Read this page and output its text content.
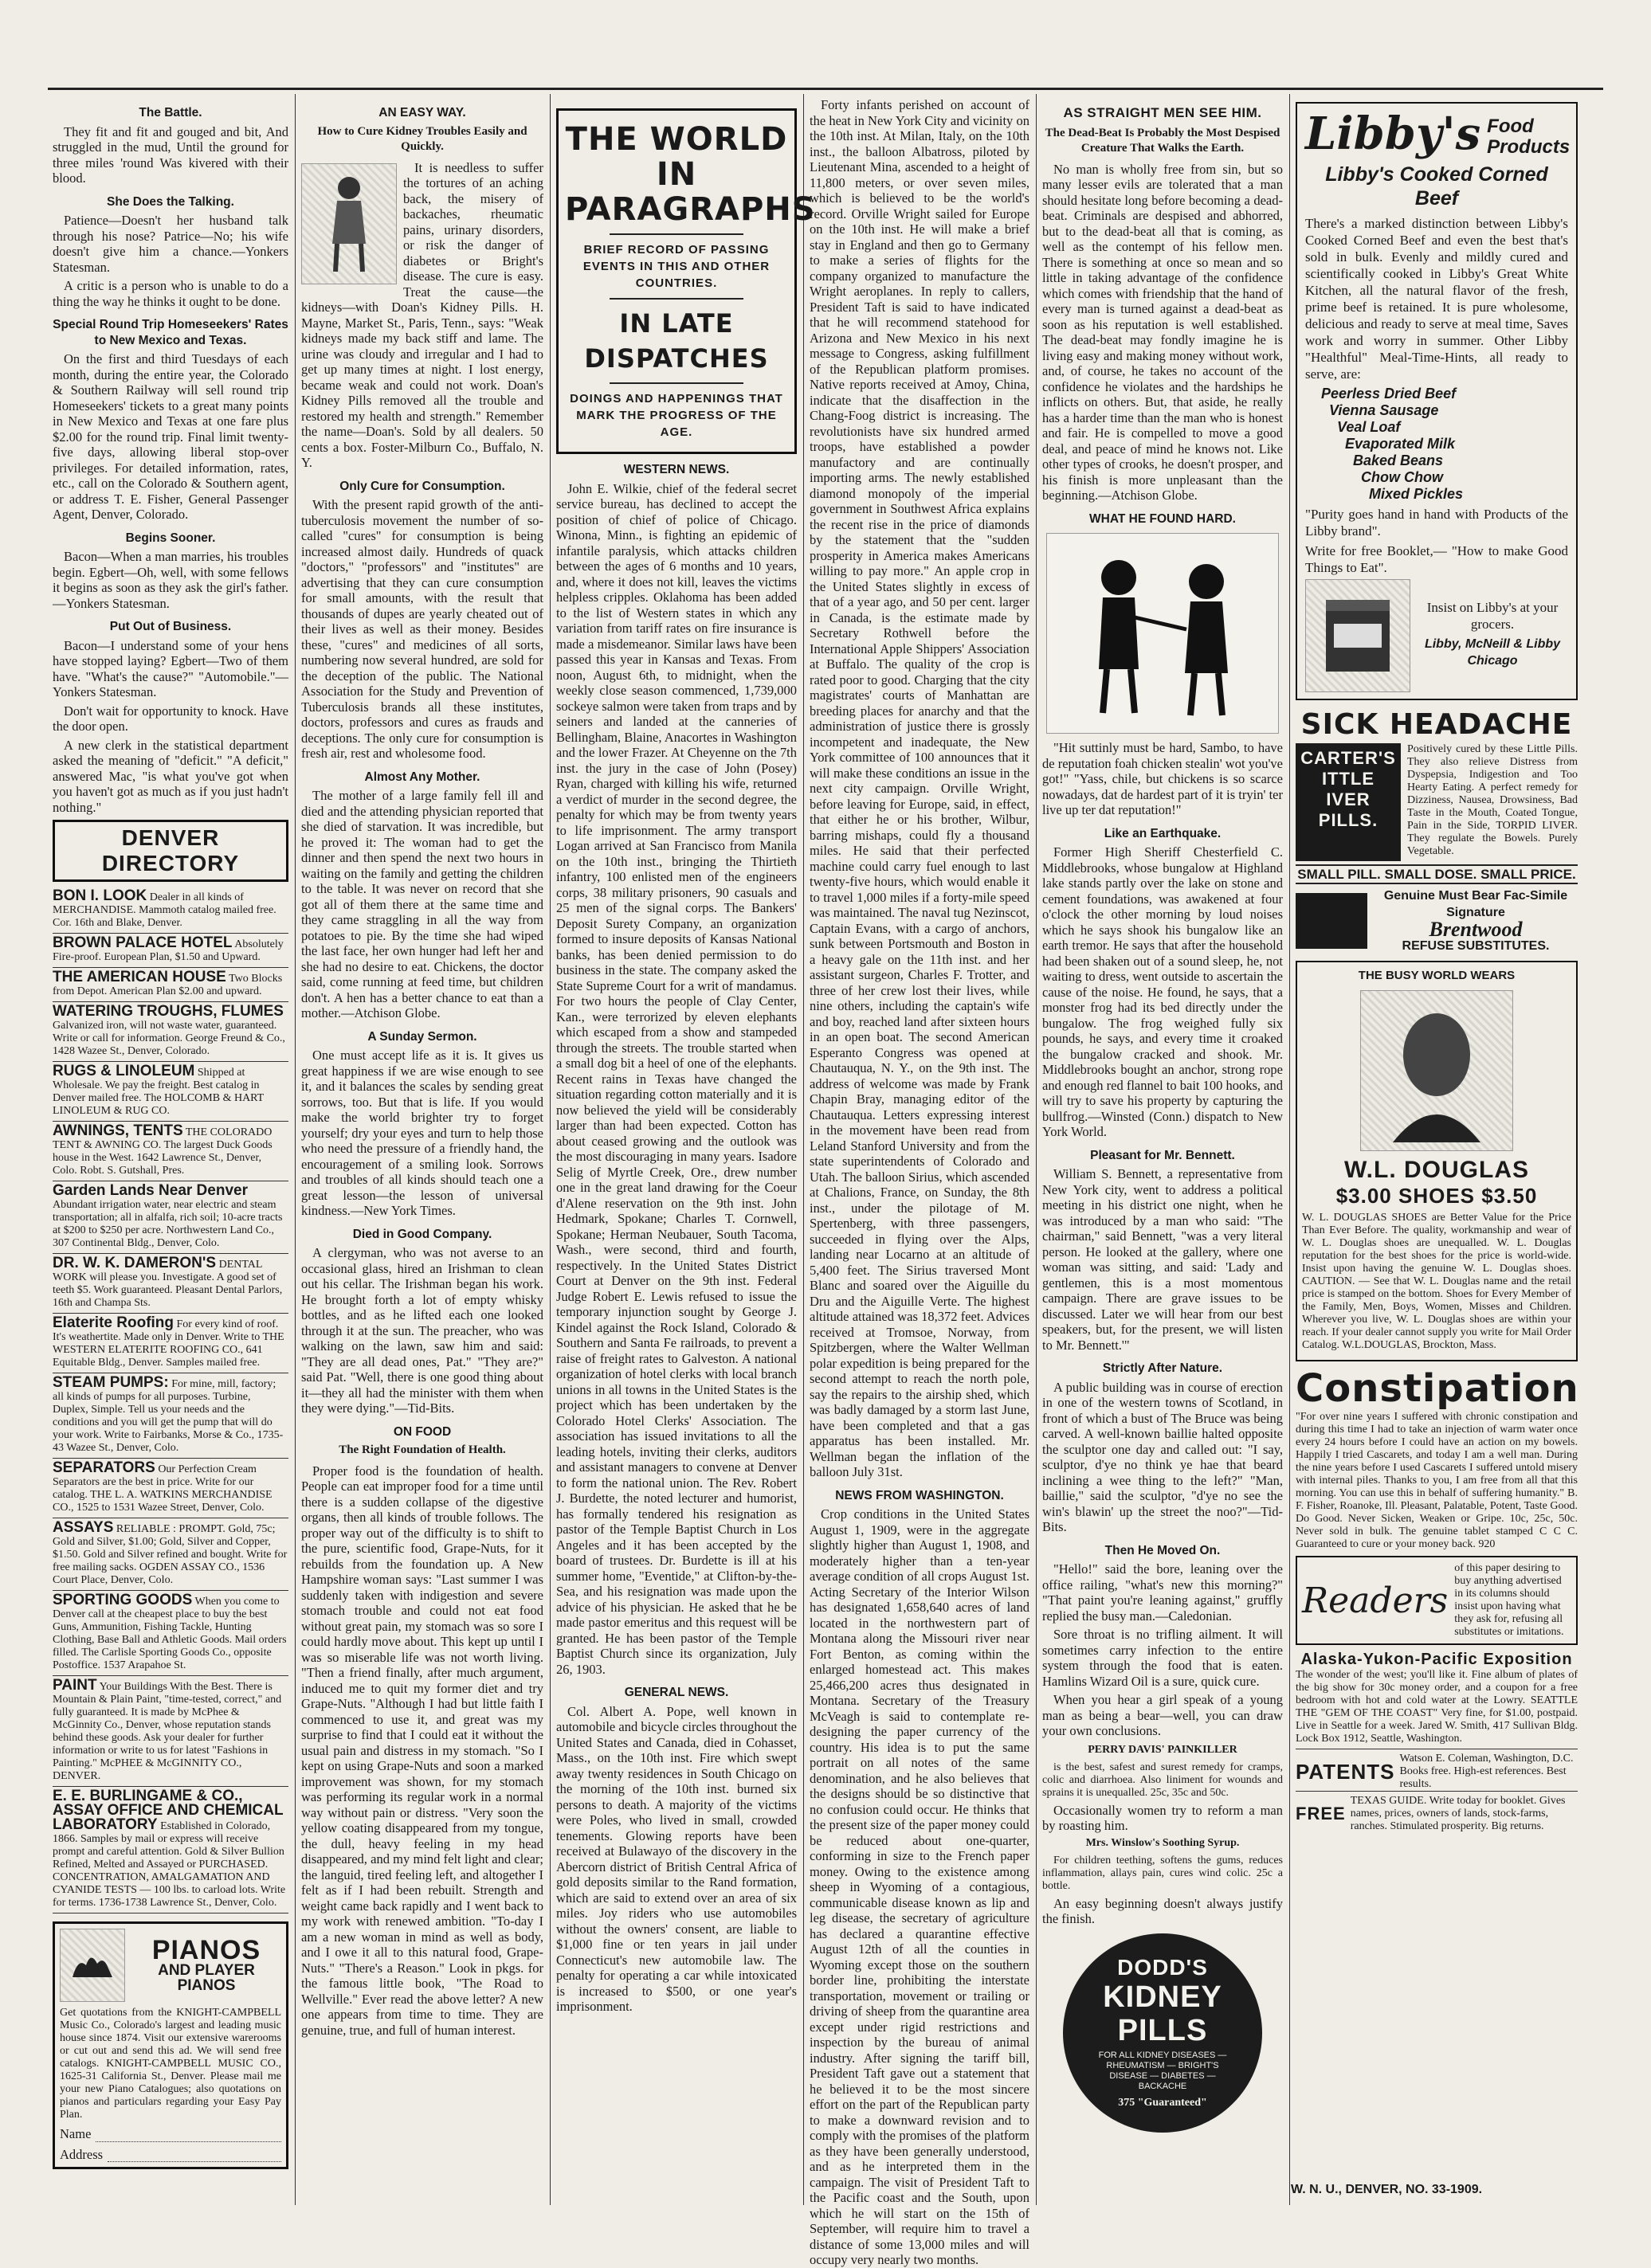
The Battle.

They fit and fit and gouged and bit, And struggled in the mud, Until the ground for three miles 'round Was kivered with their blood.

She Does the Talking.

Patience—Doesn't her husband talk through his nose? Patrice—No; his wife doesn't give him a chance.—Yonkers Statesman.

A critic is a person who is unable to do a thing the way he thinks it ought to be done.

Special Round Trip Homeseekers' Rates to New Mexico and Texas.

On the first and third Tuesdays of each month, during the entire year, the Colorado & Southern Railway will sell round trip Homeseekers' tickets to a great many points in New Mexico and Texas at one fare plus $2.00 for the round trip. Final limit twenty-five days, allowing liberal stop-over privileges. For detailed information, rates, etc., call on the Colorado & Southern agent, or address T. E. Fisher, General Passenger Agent, Denver, Colorado.

Begins Sooner.

Bacon—When a man marries, his troubles begin. Egbert—Oh, well, with some fellows it begins as soon as they ask the girl's father.—Yonkers Statesman.

Put Out of Business.

Bacon—I understand some of your hens have stopped laying? Egbert—Two of them have. "What's the cause?" "Automobile."—Yonkers Statesman.

Don't wait for opportunity to knock. Have the door open.

A new clerk in the statistical department asked the meaning of "deficit." "A deficit," answered Mac, "is what you've got when you haven't got as much as if you just hadn't nothing."

DENVER DIRECTORY
BON I. LOOK Dealer in all kinds of MERCHANDISE. Mammoth catalog mailed free. Cor. 16th and Blake, Denver.
BROWN PALACE HOTEL Absolutely Fire-proof. European Plan, $1.50 and Upward.
THE AMERICAN HOUSE Two Blocks from Depot. American Plan $2.00 and upward.
WATERING TROUGHS, FLUMES Galvanized iron, will not waste water, guaranteed. Write or call for information. George Freund & Co., 1428 Wazee St., Denver, Colorado.
RUGS & LINOLEUM Shipped at Wholesale. We pay the freight. Best catalog in Denver mailed free. The HOLCOMB & HART LINOLEUM & RUG CO.
AWNINGS, TENTS THE COLORADO TENT & AWNING CO. The largest Duck Goods house in the West. 1642 Lawrence St., Denver, Colo. Robt. S. Gutshall, Pres.
Garden Lands Near Denver Abundant irrigation water, near electric and steam transportation; all in alfalfa, rich soil; 10-acre tracts at $200 to $250 per acre. Northwestern Land Co., 307 Continental Bldg., Denver, Colo.
DR. W. K. DAMERON'S DENTAL WORK will please you. Investigate. A good set of teeth $5. Work guaranteed. Pleasant Dental Parlors, 16th and Champa Sts.
Elaterite Roofing For every kind of roof. It's weathertite. Made only in Denver. Write to THE WESTERN ELATERITE ROOFING CO., 641 Equitable Bldg., Denver. Samples mailed free.
STEAM PUMPS: For mine, mill, factory; all kinds of pumps for all purposes. Turbine, Duplex, Simple. Tell us your needs and the conditions and you will get the pump that will do your work. Write to Fairbanks, Morse & Co., 1735-43 Wazee St., Denver, Colo.
SEPARATORS Our Perfection Cream Separators are the best in price. Write for our catalog. THE L. A. WATKINS MERCHANDISE CO., 1525 to 1531 Wazee Street, Denver, Colo.
ASSAYS RELIABLE : PROMPT. Gold, 75c; Gold and Silver, $1.00; Gold, Silver and Copper, $1.50. Gold and Silver refined and bought. Write for free mailing sacks. OGDEN ASSAY CO., 1536 Court Place, Denver, Colo.
SPORTING GOODS When you come to Denver call at the cheapest place to buy the best Guns, Ammunition, Fishing Tackle, Hunting Clothing, Base Ball and Athletic Goods. Mail orders filled. The Carlisle Sporting Goods Co., opposite Postoffice. 1537 Arapahoe St.
PAINT Your Buildings With the Best. There is Mountain & Plain Paint, "time-tested, correct," and fully guaranteed. It is made by McPhee & McGinnity Co., Denver, whose reputation stands behind these goods. Ask your dealer for further information or write to us for latest "Fashions in Painting." McPHEE & McGINNITY CO., DENVER.
E. E. BURLINGAME & CO., ASSAY OFFICE AND CHEMICAL LABORATORY Established in Colorado, 1866. Samples by mail or express will receive prompt and careful attention. Gold & Silver Bullion Refined, Melted and Assayed or PURCHASED. CONCENTRATION, AMALGAMATION AND CYANIDE TESTS — 100 lbs. to carload lots. Write for terms. 1736-1738 Lawrence St., Denver, Colo.
PIANOS
AND PLAYER PIANOS

Get quotations from the KNIGHT-CAMPBELL Music Co., Colorado's largest and leading music house since 1874. Visit our extensive warerooms or cut out and send this ad. We will send free catalogs. KNIGHT-CAMPBELL MUSIC CO., 1625-31 California St., Denver. Please mail me your new Piano Catalogues; also quotations on pianos and particulars regarding your Easy Pay Plan.

Name
Address
AN EASY WAY.
How to Cure Kidney Troubles Easily and Quickly.

It is needless to suffer the tortures of an aching back, the misery of backaches, rheumatic pains, urinary disorders, or risk the danger of diabetes or Bright's disease. The cure is easy. Treat the cause—the kidneys—with Doan's Kidney Pills. H. Mayne, Market St., Paris, Tenn., says: "Weak kidneys made my back stiff and lame. The urine was cloudy and irregular and I had to get up many times at night. I lost energy, became weak and could not work. Doan's Kidney Pills removed all the trouble and restored my health and strength." Remember the name—Doan's. Sold by all dealers. 50 cents a box. Foster-Milburn Co., Buffalo, N. Y.

Only Cure for Consumption.

With the present rapid growth of the anti-tuberculosis movement the number of so-called "cures" for consumption is being increased almost daily. Hundreds of quack "doctors," "professors" and "institutes" are advertising that they can cure consumption for small amounts, with the result that thousands of dupes are yearly cheated out of their lives as well as their money. Besides these, "cures" and medicines of all sorts, numbering now several hundred, are sold for the deception of the public. The National Association for the Study and Prevention of Tuberculosis brands all these institutes, doctors, professors and cures as frauds and deceptions. The only cure for consumption is fresh air, rest and wholesome food.

Almost Any Mother.

The mother of a large family fell ill and died and the attending physician reported that she died of starvation. It was incredible, but he proved it: The woman had to get the dinner and then spend the next two hours in waiting on the family and getting the children to the table. It was never on record that she got all of them there at the same time and they came straggling in all the way from potatoes to pie. By the time she had wiped the last face, her own hunger had left her and she had no desire to eat. Chickens, the doctor said, come running at feed time, but children don't. A hen has a better chance to eat than a mother.—Atchison Globe.

A Sunday Sermon.

One must accept life as it is. It gives us great happiness if we are wise enough to see it, and it balances the scales by sending great sorrows, too. But that is life. If you would make the world brighter try to forget yourself; dry your eyes and turn to help those who need the pressure of a friendly hand, the encouragement of a smiling look. Sorrows and troubles of all kinds should teach one a great lesson—the lesson of universal kindness.—New York Times.

Died in Good Company.

A clergyman, who was not averse to an occasional glass, hired an Irishman to clean out his cellar. The Irishman began his work. He brought forth a lot of empty whisky bottles, and as he lifted each one looked through it at the sun. The preacher, who was walking on the lawn, saw him and said: "They are all dead ones, Pat." "They are?" said Pat. "Well, there is one good thing about it—they all had the minister with them when they were dying."—Tid-Bits.

ON FOOD
The Right Foundation of Health.

Proper food is the foundation of health. People can eat improper food for a time until there is a sudden collapse of the digestive organs, then all kinds of trouble follows. The proper way out of the difficulty is to shift to the pure, scientific food, Grape-Nuts, for it rebuilds from the foundation up. A New Hampshire woman says: "Last summer I was suddenly taken with indigestion and severe stomach trouble and could not eat food without great pain, my stomach was so sore I could hardly move about. This kept up until I was so miserable life was not worth living. "Then a friend finally, after much argument, induced me to quit my former diet and try Grape-Nuts. "Although I had but little faith I commenced to use it, and great was my surprise to find that I could eat it without the usual pain and distress in my stomach. "So I kept on using Grape-Nuts and soon a marked improvement was shown, for my stomach was performing its regular work in a normal way without pain or distress. "Very soon the yellow coating disappeared from my tongue, the dull, heavy feeling in my head disappeared, and my mind felt light and clear; the languid, tired feeling left, and altogether I felt as if I had been rebuilt. Strength and weight came back rapidly and I went back to my work with renewed ambition. "To-day I am a new woman in mind as well as body, and I owe it all to this natural food, Grape-Nuts." "There's a Reason." Look in pkgs. for the famous little book, "The Road to Wellville." Ever read the above letter? A new one appears from time to time. They are genuine, true, and full of human interest.

THE WORLD IN PARAGRAPHS
BRIEF RECORD OF PASSING EVENTS IN THIS AND OTHER COUNTRIES.
IN LATE DISPATCHES
DOINGS AND HAPPENINGS THAT MARK THE PROGRESS OF THE AGE.
WESTERN NEWS.

John E. Wilkie, chief of the federal secret service bureau, has declined to accept the position of chief of police of Chicago. Winona, Minn., is fighting an epidemic of infantile paralysis, which attacks children between the ages of 6 months and 10 years, and, where it does not kill, leaves the victims helpless cripples. Oklahoma has been added to the list of Western states in which any variation from tariff rates on fire insurance is made a misdemeanor. Similar laws have been passed this year in Kansas and Texas. From noon, August 6th, to midnight, when the weekly close season commenced, 1,739,000 sockeye salmon were taken from traps and by seiners and landed at the canneries of Bellingham, Blaine, Anacortes in Washington and the lower Frazer. At Cheyenne on the 7th inst. the jury in the case of John (Posey) Ryan, charged with killing his wife, returned a verdict of murder in the second degree, the penalty for which may be from twenty years to life imprisonment. The army transport Logan arrived at San Francisco from Manila on the 10th inst., bringing the Thirtieth infantry, 100 enlisted men of the engineers corps, 38 military prisoners, 90 casuals and 25 men of the signal corps. The Bankers' Deposit Surety Company, an organization formed to insure deposits of Kansas National banks, has been denied permission to do business in the state. The company asked the State Supreme Court for a writ of mandamus. For two hours the people of Clay Center, Kan., were terrorized by eleven elephants which escaped from a show and stampeded through the streets. The trouble started when a small dog bit a heel of one of the elephants. Recent rains in Texas have changed the situation regarding cotton materially and it is now believed the yield will be considerably larger than had been expected. Cotton has about ceased growing and the outlook was the most discouraging in many years. Isadore Selig of Myrtle Creek, Ore., drew number one in the great land drawing for the Coeur d'Alene reservation on the 9th inst. John Hedmark, Spokane; Charles T. Cornwell, Spokane; Herman Neubauer, South Tacoma, Wash., were second, third and fourth, respectively. In the United States District Court at Denver on the 9th inst. Federal Judge Robert E. Lewis refused to issue the temporary injunction sought by George J. Kindel against the Rock Island, Colorado & Southern and Santa Fe railroads, to prevent a raise of freight rates to Galveston. A national organization of hotel clerks with local branch unions in all towns in the United States is the project which has been undertaken by the Colorado Hotel Clerks' Association. The association has issued invitations to all the leading hotels, inviting their clerks, auditors and assistant managers to convene at Denver to form the national union. The Rev. Robert J. Burdette, the noted lecturer and humorist, has formally tendered his resignation as pastor of the Temple Baptist Church in Los Angeles and it has been accepted by the board of trustees. Dr. Burdette is ill at his summer home, "Eventide," at Clifton-by-the-Sea, and his resignation was made upon the advice of his physician. He asked that he be made pastor emeritus and this request will be granted. He has been pastor of the Temple Baptist Church since its organization, July 26, 1903.

GENERAL NEWS.

Col. Albert A. Pope, well known in automobile and bicycle circles throughout the United States and Canada, died in Cohasset, Mass., on the 10th inst. Fire which swept away twenty residences in South Chicago on the morning of the 10th inst. burned six persons to death. A majority of the victims were Poles, who lived in small, crowded tenements. Glowing reports have been received at Bulawayo of the discovery in the Abercorn district of British Central Africa of gold deposits similar to the Rand formation, which are said to extend over an area of six miles. Joy riders who use automobiles without the owners' consent, are liable to $1,000 fine or ten years in jail under Connecticut's new automobile law. The penalty for operating a car while intoxicated is increased to $500, or one year's imprisonment.

Forty infants perished on account of the heat in New York City and vicinity on the 10th inst. At Milan, Italy, on the 10th inst., the balloon Albatross, piloted by Lieutenant Mina, ascended to a height of 11,800 meters, or over seven miles, which is believed to be the world's record. Orville Wright sailed for Europe on the 10th inst. He will make a brief stay in England and then go to Germany to make a series of flights for the company organized to manufacture the Wright aeroplanes. In reply to callers, President Taft is said to have indicated that he will recommend statehood for Arizona and New Mexico in his next message to Congress, asking fulfillment of the Republican platform promises. Native reports received at Amoy, China, indicate that the disaffection in the Chang-Foog district is increasing. The revolutionists have six hundred armed troops, have established a powder manufactory and are continually importing arms. The newly established diamond monopoly of the imperial government in Southwest Africa explains the recent rise in the price of diamonds by the statement that the "sudden prosperity in America makes Americans willing to pay more." An apple crop in the United States slightly in excess of that of a year ago, and 50 per cent. larger in Canada, is the estimate made by Secretary Rothwell before the International Apple Shippers' Association at Buffalo. The quality of the crop is rated poor to good. Charging that the city magistrates' courts of Manhattan are breeding places for anarchy and that the administration of justice there is grossly incompetent and inadequate, the New York committee of 100 announces that it will make these conditions an issue in the next city campaign. Orville Wright, before leaving for Europe, said, in effect, that either he or his brother, Wilbur, barring mishaps, could fly a thousand miles. He said that their perfected machine could carry fuel enough to last twenty-five hours, which would enable it to travel 1,000 miles if a forty-mile speed was maintained. The naval tug Nezinscot, Captain Evans, with a cargo of anchors, sunk between Portsmouth and Boston in a heavy gale on the 11th inst. and her assistant surgeon, Charles F. Trotter, and three of her crew lost their lives, while nine others, including the captain's wife and boy, reached land after sixteen hours in an open boat. The second American Esperanto Congress was opened at Chautauqua, N. Y., on the 9th inst. The address of welcome was made by Frank Chapin Bray, managing editor of the Chautauqua. Letters expressing interest in the movement have been read from Leland Stanford University and from the state superintendents of Colorado and Utah. The balloon Sirius, which ascended at Chalions, France, on Sunday, the 8th inst., under the pilotage of M. Spertenberg, with three passengers, succeeded in flying over the Alps, landing near Locarno at an altitude of 5,400 feet. The Sirius traversed Mont Blanc and soared over the Aiguille du Dru and the Aiguille Verte. The highest altitude attained was 18,372 feet. Advices received at Tromsoe, Norway, from Spitzbergen, where the Walter Wellman polar expedition is being prepared for the second attempt to reach the north pole, say the repairs to the airship shed, which was badly damaged by a storm last June, have been completed and that a gas apparatus has been installed. Mr. Wellman began the inflation of the balloon July 31st.

NEWS FROM WASHINGTON.

Crop conditions in the United States August 1, 1909, were in the aggregate slightly higher than August 1, 1908, and moderately higher than a ten-year average condition of all crops August 1st. Acting Secretary of the Interior Wilson has designated 1,658,640 acres of land located in the northwestern part of Montana along the Missouri river near Fort Benton, as coming within the enlarged homestead act. This makes 25,466,200 acres thus designated in Montana. Secretary of the Treasury McVeagh is said to contemplate re-designing the paper currency of the country. His idea is to put the same portrait on all notes of the same denomination, and he also believes that the designs should be so distinctive that no confusion could occur. He thinks that the present size of the paper money could be reduced about one-quarter, conforming in size to the French paper money. Owing to the existence among sheep in Wyoming of a contagious, communicable disease known as lip and leg disease, the secretary of agriculture has declared a quarantine effective August 12th of all the counties in Wyoming except those on the southern border line, prohibiting the interstate transportation, movement or trailing or driving of sheep from the quarantine area except under rigid restrictions and inspection by the bureau of animal industry. After signing the tariff bill, President Taft gave out a statement that he believed it to be the most sincere effort on the part of the Republican party to make a downward revision and to comply with the promises of the platform as they have been generally understood, and as he interpreted them in the campaign. The visit of President Taft to the Pacific coast and the South, upon which he will start on the 15th of September, will require him to travel a distance of some 13,000 miles and will occupy very nearly two months.

AS STRAIGHT MEN SEE HIM.
The Dead-Beat Is Probably the Most Despised Creature That Walks the Earth.

No man is wholly free from sin, but so many lesser evils are tolerated that a man should hesitate long before becoming a dead-beat. Criminals are despised and abhorred, but to the dead-beat all that is coming, as well as the contempt of his fellow men. There is something at once so mean and so little in taking advantage of the confidence which comes with friendship that the hand of every man is turned against a dead-beat as soon as his reputation is well established. The dead-beat may fondly imagine he is living easy and making money without work, and, of course, he takes no account of the confidence he violates and the hardships he inflicts on others. But, that aside, he really has a harder time than the man who is honest and fair. He is compelled to move a good deal, and peace of mind he knows not. Like other types of crooks, he doesn't prosper, and his finish is more unpleasant than the beginning.—Atchison Globe.

WHAT HE FOUND HARD.

"Hit suttinly must be hard, Sambo, to have de reputation foah chicken stealin' wot you've got!" "Yass, chile, but chickens is so scarce nowadays, dat de hardest part of it is tryin' ter live up ter dat reputation!"

Like an Earthquake.

Former High Sheriff Chesterfield C. Middlebrooks, whose bungalow at Highland lake stands partly over the lake on stone and cement foundations, was awakened at four o'clock the other morning by loud noises which he says shook his bungalow like an earth tremor. He says that after the household had been shaken out of a sound sleep, he, not waiting to dress, went outside to ascertain the cause of the noise. He found, he says, that a monster frog had its bed directly under the bungalow. The frog weighed fully six pounds, he says, and every time it croaked the bungalow cracked and shook. Mr. Middlebrooks bought an anchor, strong rope and enough red flannel to bait 100 hooks, and will try to save his property by capturing the bullfrog.—Winsted (Conn.) dispatch to New York World.

Pleasant for Mr. Bennett.

William S. Bennett, a representative from New York city, went to address a political meeting in his district one night, when he was introduced by a man who said: "The chairman," said Bennett, "was a very literal person. He looked at the gallery, where one woman was sitting, and said: 'Lady and gentlemen, this is a most momentous campaign. There are grave issues to be discussed. Later we will hear from our best speakers, but, for the present, we will listen to Mr. Bennett.'"

Strictly After Nature.

A public building was in course of erection in one of the western towns of Scotland, in front of which a bust of The Bruce was being carved. A well-known baillie halted opposite the sculptor one day and called out: "I say, sculptor, d'ye no think ye hae that beard inclining a wee thing to the left?" "Man, baillie," said the sculptor, "d'ye no see the win's blawin' up the street the noo?"—Tid-Bits.

Then He Moved On.

"Hello!" said the bore, leaning over the office railing, "what's new this morning?" "That paint you're leaning against," gruffly replied the busy man.—Caledonian.

Sore throat is no trifling ailment. It will sometimes carry infection to the entire system through the food that is eaten. Hamlins Wizard Oil is a sure, quick cure.

When you hear a girl speak of a young man as being a bear—well, you can draw your own conclusions.

PERRY DAVIS' PAINKILLER

is the best, safest and surest remedy for cramps, colic and diarrhoea. Also liniment for wounds and sprains it is unequalled. 25c, 35c and 50c.

Occasionally women try to reform a man by roasting him.

Mrs. Winslow's Soothing Syrup.

For children teething, softens the gums, reduces inflammation, allays pain, cures wind colic. 25c a bottle.

An easy beginning doesn't always justify the finish.

DODD'S
KIDNEY
PILLS
FOR ALL KIDNEY DISEASES — RHEUMATISM — BRIGHT'S DISEASE — DIABETES — BACKACHE
375 "Guaranteed"
Libby's Food Products
Libby's Cooked Corned Beef

There's a marked distinction between Libby's Cooked Corned Beef and even the best that's sold in bulk. Evenly and mildly cured and scientifically cooked in Libby's Great White Kitchen, all the natural flavor of the fresh, prime beef is retained. It is pure wholesome, delicious and ready to serve at meal time, Saves work and worry in summer. Other Libby "Healthful" Meal-Time-Hints, all ready to serve, are:

Peerless Dried Beef
Vienna Sausage
Veal Loaf
Evaporated Milk
Baked Beans
Chow Chow
Mixed Pickles

"Purity goes hand in hand with Products of the Libby brand".

Write for free Booklet,— "How to make Good Things to Eat".

Insist on Libby's at your grocers.

Libby, McNeill & Libby Chicago

SICK HEADACHE
CARTER'S ITTLE IVER PILLS.

Positively cured by these Little Pills. They also relieve Distress from Dyspepsia, Indigestion and Too Hearty Eating. A perfect remedy for Dizziness, Nausea, Drowsiness, Bad Taste in the Mouth, Coated Tongue, Pain in the Side, TORPID LIVER. They regulate the Bowels. Purely Vegetable.

SMALL PILL. SMALL DOSE. SMALL PRICE.
Genuine Must Bear Fac-Simile Signature
Brentwood
REFUSE SUBSTITUTES.
THE BUSY WORLD WEARS
W.L. DOUGLAS
$3.00 SHOES $3.50

W. L. DOUGLAS SHOES are Better Value for the Price Than Ever Before. The quality, workmanship and wear of W. L. Douglas shoes are unequalled. W. L. Douglas reputation for the best shoes for the price is world-wide. Insist upon having the genuine W. L. Douglas shoes. CAUTION. — See that W. L. Douglas name and the retail price is stamped on the bottom. Shoes for Every Member of the Family, Men, Boys, Women, Misses and Children. Wherever you live, W. L. Douglas shoes are within your reach. If your dealer cannot supply you write for Mail Order Catalog. W.L.DOUGLAS, Brockton, Mass.

Constipation

"For over nine years I suffered with chronic constipation and during this time I had to take an injection of warm water once every 24 hours before I could have an action on my bowels. Happily I tried Cascarets, and today I am a well man. During the nine years before I used Cascarets I suffered untold misery with internal piles. Thanks to you, I am free from all that this morning. You can use this in behalf of suffering humanity." B. F. Fisher, Roanoke, Ill. Pleasant, Palatable, Potent, Taste Good. Do Good. Never Sicken, Weaken or Gripe. 10c, 25c, 50c. Never sold in bulk. The genuine tablet stamped C C C. Guaranteed to cure or your money back. 920

Readers
of this paper desiring to buy anything advertised in its columns should insist upon having what they ask for, refusing all substitutes or imitations.
Alaska-Yukon-Pacific Exposition

The wonder of the west; you'll like it. Fine album of plates of the big show for 30c money order, and a coupon for a free bedroom with hot and cold water at the Lowry. SEATTLE THE "GEM OF THE COAST" Very fine, for $1.00, postpaid. Live in Seattle for a week. Jared W. Smith, 417 Sullivan Bldg. Lock Box 1912, Seattle, Washington.

PATENTS
Watson E. Coleman, Washington, D.C. Books free. High-est references. Best results.
FREE
TEXAS GUIDE. Write today for booklet. Gives names, prices, owners of lands, stock-farms, ranches. Stimulated prosperity. Big returns.
W. N. U., DENVER, NO. 33-1909.
